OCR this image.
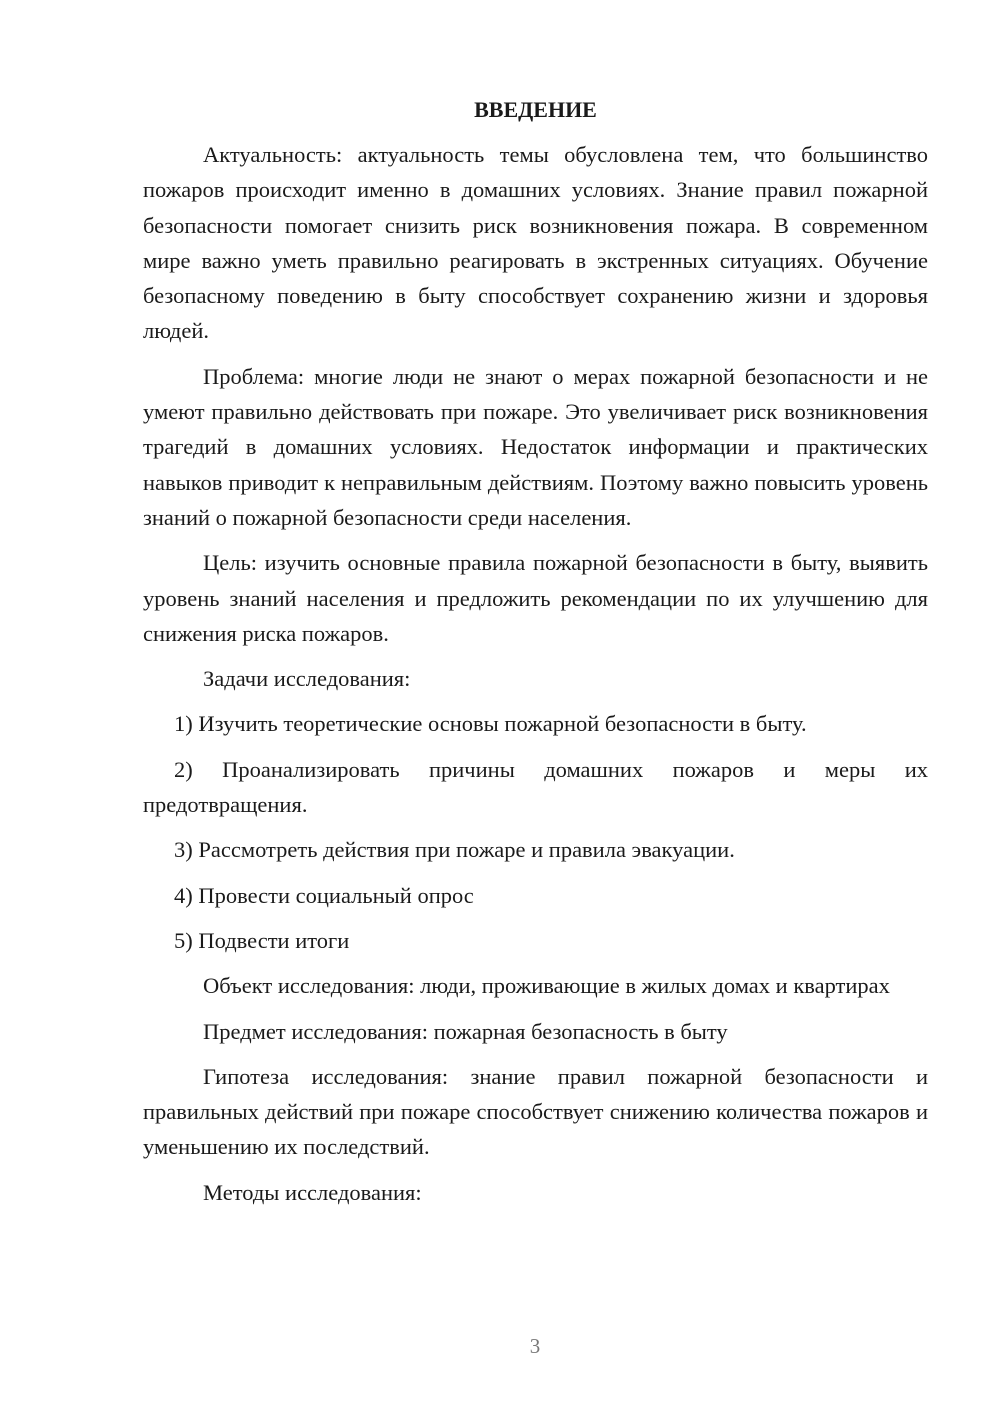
ВВЕДЕНИЕ

Актуальность: актуальность темы обусловлена тем, что большинство пожаров происходит именно в домашних условиях. Знание правил пожарной безопасности помогает снизить риск возникновения пожара. В современном мире важно уметь правильно реагировать в экстренных ситуациях. Обучение безопасному поведению в быту способствует сохранению жизни и здоровья людей.

Проблема: многие люди не знают о мерах пожарной безопасности и не умеют правильно действовать при пожаре. Это увеличивает риск возникновения трагедий в домашних условиях. Недостаток информации и практических навыков приводит к неправильным действиям. Поэтому важно повысить уровень знаний о пожарной безопасности среди населения.

Цель: изучить основные правила пожарной безопасности в быту, выявить уровень знаний населения и предложить рекомендации по их улучшению для снижения риска пожаров.

Задачи исследования:

1) Изучить теоретические основы пожарной безопасности в быту.

2) Проанализировать причины домашних пожаров и меры их предотвращения.

3) Рассмотреть действия при пожаре и правила эвакуации.

4) Провести социальный опрос

5) Подвести итоги

Объект исследования: люди, проживающие в жилых домах и квартирах

Предмет исследования: пожарная безопасность в быту

Гипотеза исследования: знание правил пожарной безопасности и правильных действий при пожаре способствует снижению количества пожаров и уменьшению их последствий.

Методы исследования:

3
